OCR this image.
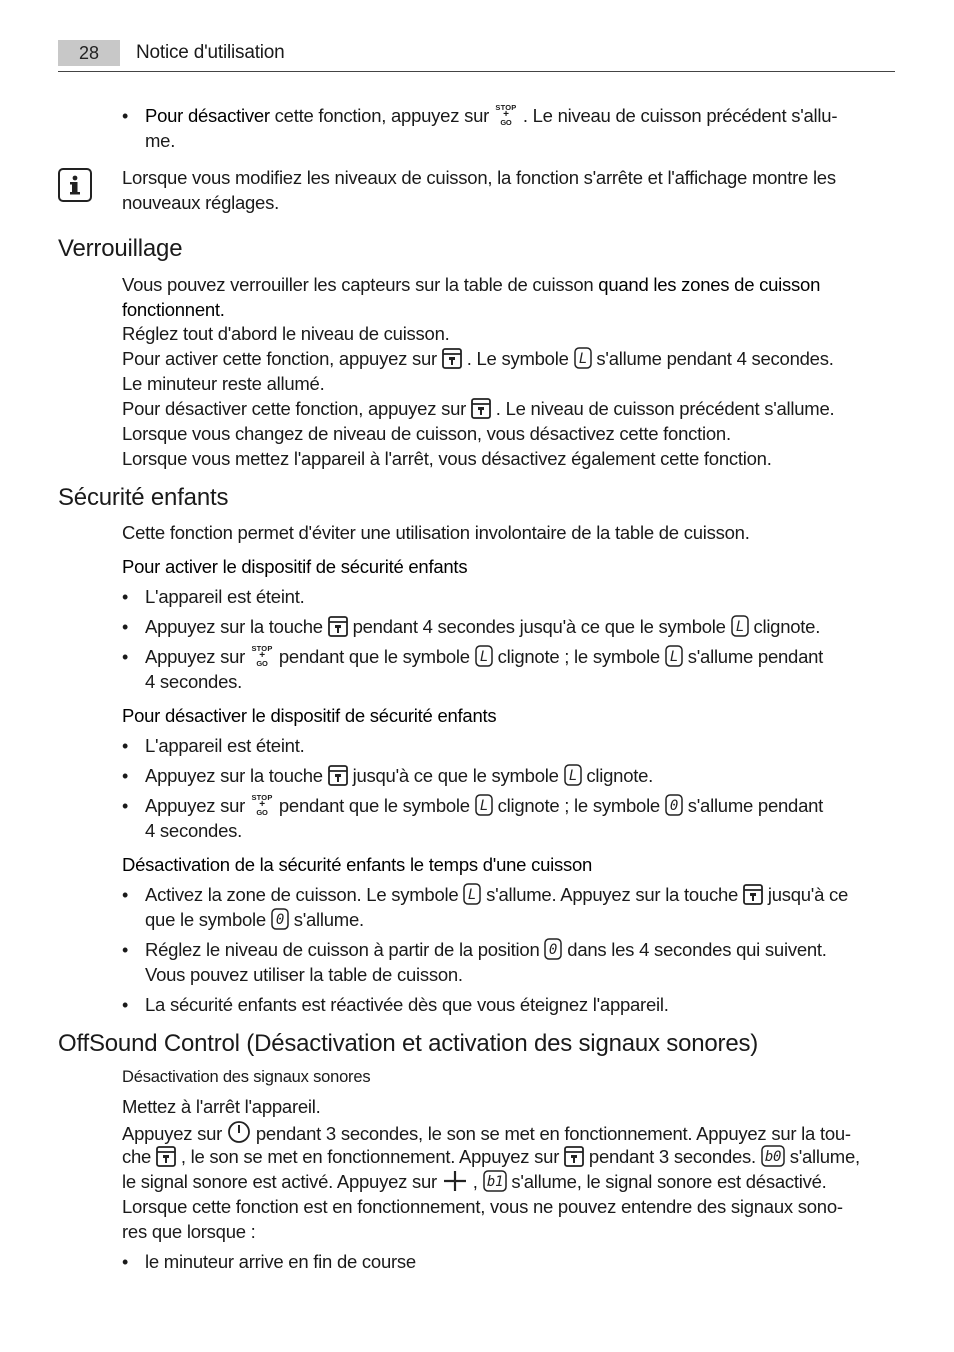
28	Notice d'utilisation
• Pour désactiver cette fonction, appuyez sur STOP
+
GO . Le niveau de cuisson précédent s'allu-
me.
Lorsque vous modifiez les niveaux de cuisson, la fonction s'arrête et l'affichage montre les
nouveaux réglages.
Verrouillage
Vous pouvez verrouiller les capteurs sur la table de cuisson quand les zones de cuisson
fonctionnent.
Réglez tout d'abord le niveau de cuisson.
Pour activer cette fonction, appuyez sur  . Le symbole L s'allume pendant 4 secondes.
Le minuteur reste allumé.
Pour désactiver cette fonction, appuyez sur  . Le niveau de cuisson précédent s'allume.
Lorsque vous changez de niveau de cuisson, vous désactivez cette fonction.
Lorsque vous mettez l'appareil à l'arrêt, vous désactivez également cette fonction.
Sécurité enfants
Cette fonction permet d'éviter une utilisation involontaire de la table de cuisson.
Pour activer le dispositif de sécurité enfants
• L'appareil est éteint.
• Appuyez sur la touche  pendant 4 secondes jusqu'à ce que le symbole L clignote.
• Appuyez sur STOP
+
GO pendant que le symbole L clignote ; le symbole L s'allume pendant
4 secondes.
Pour désactiver le dispositif de sécurité enfants
• L'appareil est éteint.
• Appuyez sur la touche  jusqu'à ce que le symbole L clignote.
• Appuyez sur STOP
+
GO pendant que le symbole L clignote ; le symbole 0 s'allume pendant
4 secondes.
Désactivation de la sécurité enfants le temps d'une cuisson
• Activez la zone de cuisson. Le symbole L s'allume. Appuyez sur la touche  jusqu'à ce
que le symbole 0 s'allume.
• Réglez le niveau de cuisson à partir de la position 0 dans les 4 secondes qui suivent.
Vous pouvez utiliser la table de cuisson.
• La sécurité enfants est réactivée dès que vous éteignez l'appareil.
OffSound Control (Désactivation et activation des signaux sonores)
Désactivation des signaux sonores
Mettez à l'arrêt l'appareil.
Appuyez sur  pendant 3 secondes, le son se met en fonctionnement. Appuyez sur la tou-
che  , le son se met en fonctionnement. Appuyez sur  pendant 3 secondes. b0 s'allume,
le signal sonore est activé. Appuyez sur  , b1 s'allume, le signal sonore est désactivé.
Lorsque cette fonction est en fonctionnement, vous ne pouvez entendre des signaux sono-
res que lorsque :
• le minuteur arrive en fin de course
